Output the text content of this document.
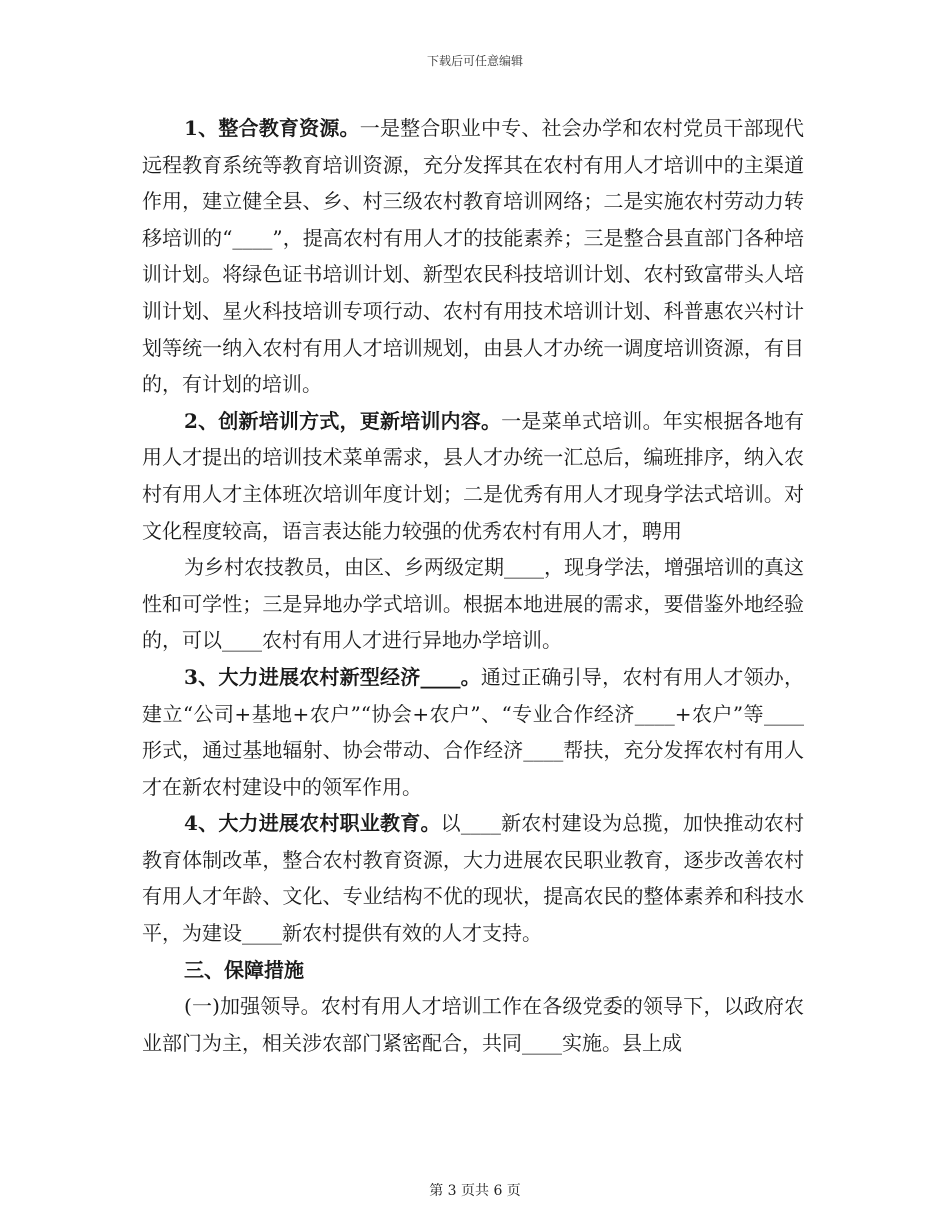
下载后可任意编辑

1、整合教育资源。一是整合职业中专、社会办学和农村党员干部现代远程教育系统等教育培训资源，充分发挥其在农村有用人才培训中的主渠道作用，建立健全县、乡、村三级农村教育培训网络；二是实施农村劳动力转移培训的“____”，提高农村有用人才的技能素养；三是整合县直部门各种培训计划。将绿色证书培训计划、新型农民科技培训计划、农村致富带头人培训计划、星火科技培训专项行动、农村有用技术培训计划、科普惠农兴村计划等统一纳入农村有用人才培训规划，由县人才办统一调度培训资源，有目的，有计划的培训。

2、创新培训方式，更新培训内容。一是菜单式培训。年实根据各地有用人才提出的培训技术菜单需求，县人才办统一汇总后，编班排序，纳入农村有用人才主体班次培训年度计划；二是优秀有用人才现身学法式培训。对文化程度较高，语言表达能力较强的优秀农村有用人才，聘用

为乡村农技教员，由区、乡两级定期____，现身学法，增强培训的真这性和可学性；三是异地办学式培训。根据本地进展的需求，要借鉴外地经验的，可以____农村有用人才进行异地办学培训。

3、大力进展农村新型经济____。通过正确引导，农村有用人才领办，建立“公司+基地+农户”“协会+农户”、“专业合作经济____+农户”等____形式，通过基地辐射、协会带动、合作经济____帮扶，充分发挥农村有用人才在新农村建设中的领军作用。

4、大力进展农村职业教育。以____新农村建设为总揽，加快推动农村教育体制改革，整合农村教育资源，大力进展农民职业教育，逐步改善农村有用人才年龄、文化、专业结构不优的现状，提高农民的整体素养和科技水平，为建设____新农村提供有效的人才支持。

三、保障措施

(一)加强领导。农村有用人才培训工作在各级党委的领导下，以政府农业部门为主，相关涉农部门紧密配合，共同____实施。县上成

第 3 页共 6 页
